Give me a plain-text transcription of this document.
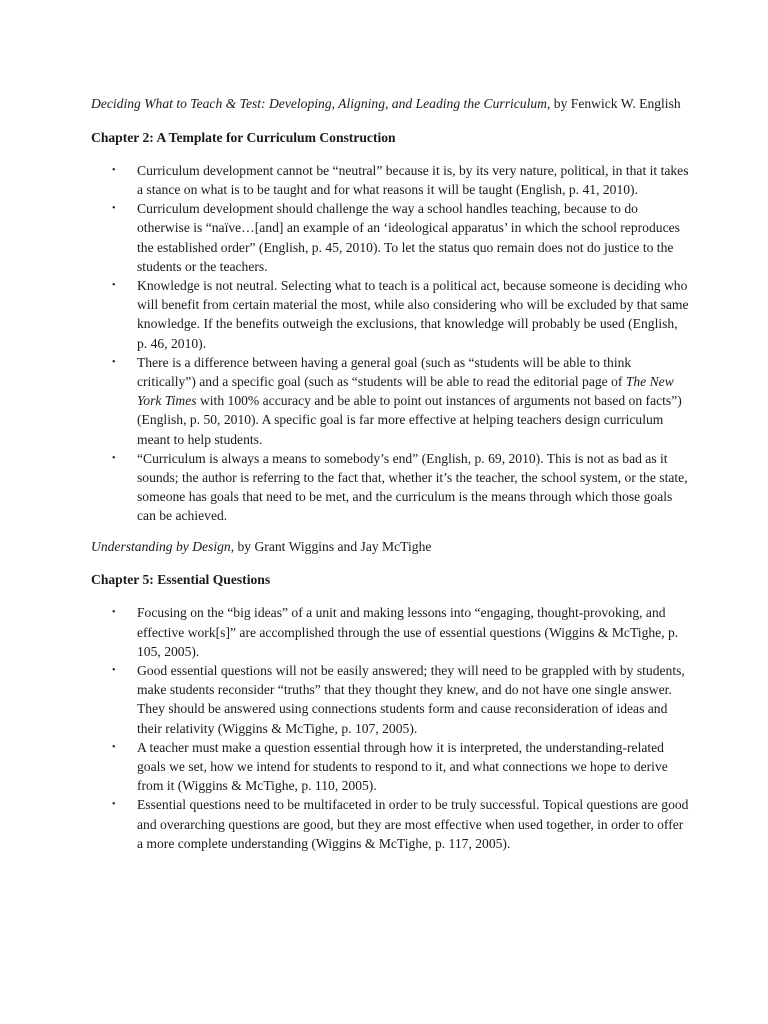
Deciding What to Teach & Test: Developing, Aligning, and Leading the Curriculum, by Fenwick W. English

Chapter 2: A Template for Curriculum Construction

• Curriculum development cannot be “neutral” because it is, by its very nature, political, in that it takes a stance on what is to be taught and for what reasons it will be taught (English, p. 41, 2010).
• Curriculum development should challenge the way a school handles teaching, because to do otherwise is “naïve…[and] an example of an ‘ideological apparatus’ in which the school reproduces the established order” (English, p. 45, 2010). To let the status quo remain does not do justice to the students or the teachers.
• Knowledge is not neutral. Selecting what to teach is a political act, because someone is deciding who will benefit from certain material the most, while also considering who will be excluded by that same knowledge. If the benefits outweigh the exclusions, that knowledge will probably be used (English, p. 46, 2010).
• There is a difference between having a general goal (such as “students will be able to think critically”) and a specific goal (such as “students will be able to read the editorial page of The New York Times with 100% accuracy and be able to point out instances of arguments not based on facts”) (English, p. 50, 2010). A specific goal is far more effective at helping teachers design curriculum meant to help students.
• “Curriculum is always a means to somebody’s end” (English, p. 69, 2010). This is not as bad as it sounds; the author is referring to the fact that, whether it’s the teacher, the school system, or the state, someone has goals that need to be met, and the curriculum is the means through which those goals can be achieved.

Understanding by Design, by Grant Wiggins and Jay McTighe

Chapter 5: Essential Questions

• Focusing on the “big ideas” of a unit and making lessons into “engaging, thought-provoking, and effective work[s]” are accomplished through the use of essential questions (Wiggins & McTighe, p. 105, 2005).
• Good essential questions will not be easily answered; they will need to be grappled with by students, make students reconsider “truths” that they thought they knew, and do not have one single answer. They should be answered using connections students form and cause reconsideration of ideas and their relativity (Wiggins & McTighe, p. 107, 2005).
• A teacher must make a question essential through how it is interpreted, the understanding-related goals we set, how we intend for students to respond to it, and what connections we hope to derive from it (Wiggins & McTighe, p. 110, 2005).
• Essential questions need to be multifaceted in order to be truly successful. Topical questions are good and overarching questions are good, but they are most effective when used together, in order to offer a more complete understanding (Wiggins & McTighe, p. 117, 2005).
